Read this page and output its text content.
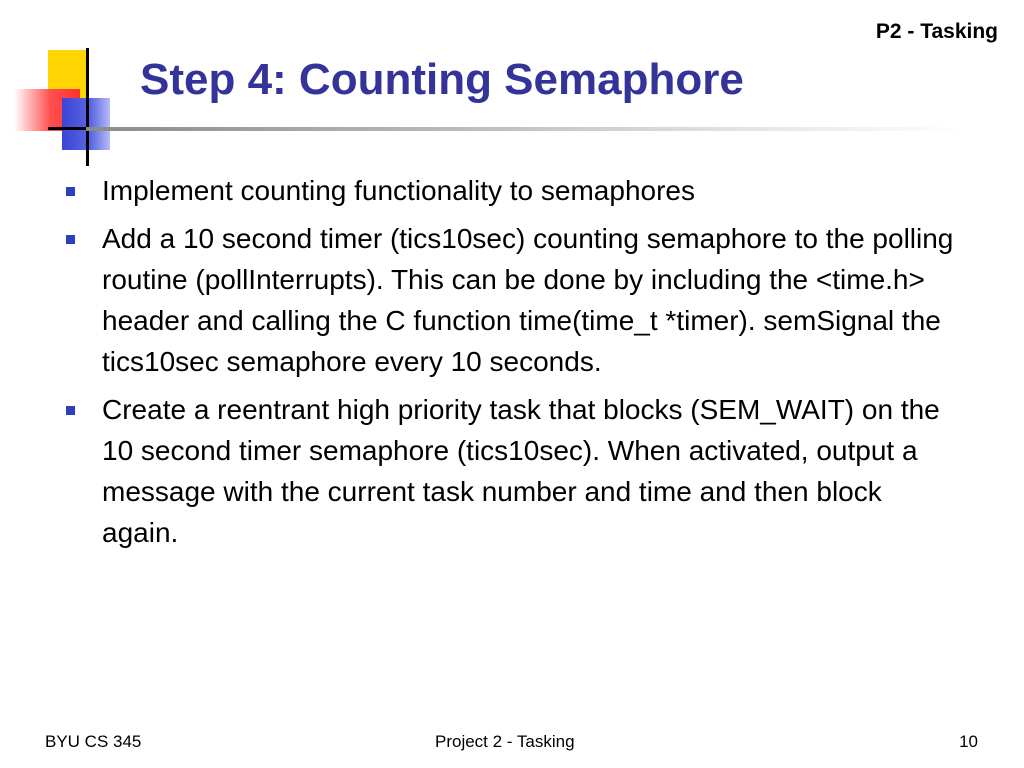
P2 - Tasking
Step 4: Counting Semaphore
Implement counting functionality to semaphores
Add a 10 second timer (tics10sec) counting semaphore to the polling routine (pollInterrupts). This can be done by including the <time.h> header and calling the C function time(time_t *timer). semSignal the tics10sec semaphore every 10 seconds.
Create a reentrant high priority task that blocks (SEM_WAIT) on the 10 second timer semaphore (tics10sec). When activated, output a message with the current task number and time and then block again.
BYU CS 345	Project 2 - Tasking	10
